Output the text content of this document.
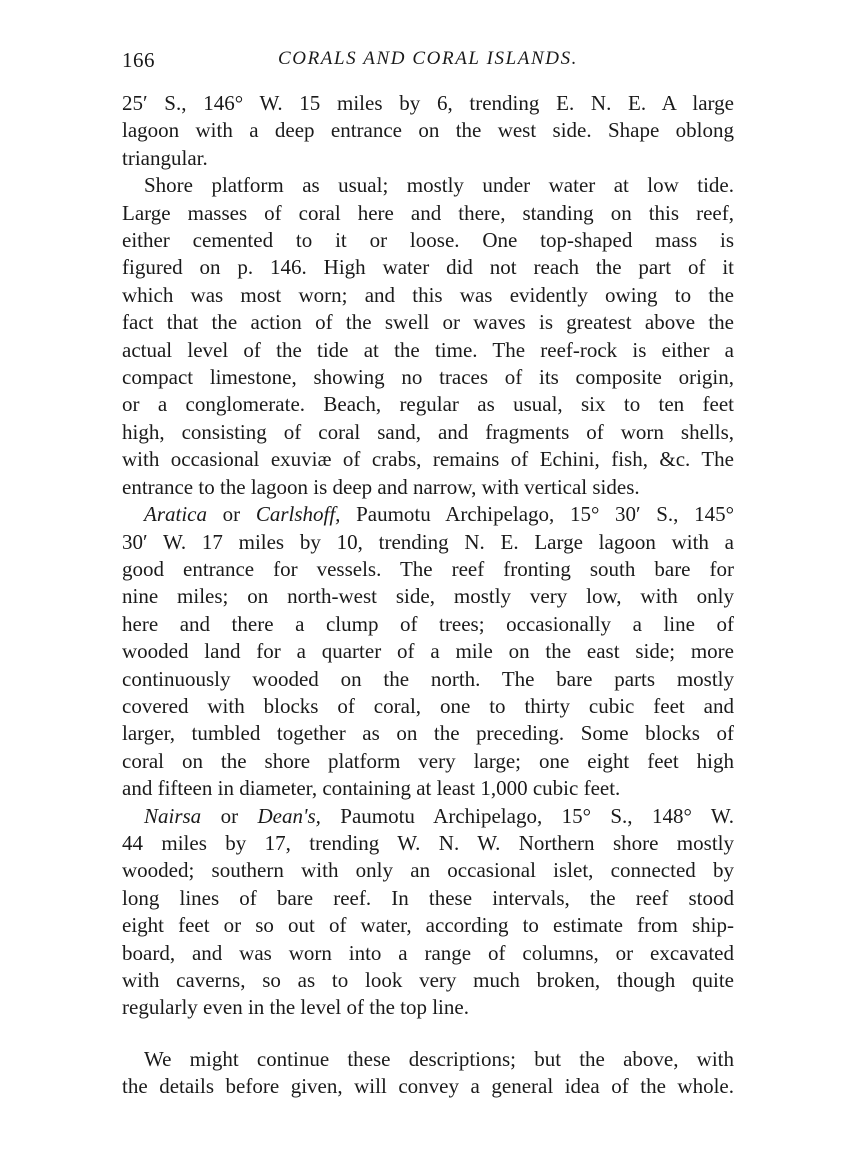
166	CORALS AND CORAL ISLANDS.

25′ S., 146° W. 15 miles by 6, trending E. N. E. A large
lagoon with a deep entrance on the west side. Shape oblong
triangular.

Shore platform as usual; mostly under water at low tide.
Large masses of coral here and there, standing on this reef,
either cemented to it or loose. One top-shaped mass is
figured on p. 146. High water did not reach the part of it
which was most worn; and this was evidently owing to the
fact that the action of the swell or waves is greatest above the
actual level of the tide at the time. The reef-rock is either a
compact limestone, showing no traces of its composite origin,
or a conglomerate. Beach, regular as usual, six to ten feet
high, consisting of coral sand, and fragments of worn shells,
with occasional exuviæ of crabs, remains of Echini, fish, &c. The
entrance to the lagoon is deep and narrow, with vertical sides.

Aratica or Carlshoff, Paumotu Archipelago, 15° 30′ S., 145°
30′ W. 17 miles by 10, trending N. E. Large lagoon with a
good entrance for vessels. The reef fronting south bare for
nine miles; on north-west side, mostly very low, with only
here and there a clump of trees; occasionally a line of
wooded land for a quarter of a mile on the east side; more
continuously wooded on the north. The bare parts mostly
covered with blocks of coral, one to thirty cubic feet and
larger, tumbled together as on the preceding. Some blocks of
coral on the shore platform very large; one eight feet high
and fifteen in diameter, containing at least 1,000 cubic feet.

Nairsa or Dean's, Paumotu Archipelago, 15° S., 148° W.
44 miles by 17, trending W. N. W. Northern shore mostly
wooded; southern with only an occasional islet, connected by
long lines of bare reef. In these intervals, the reef stood
eight feet or so out of water, according to estimate from ship-
board, and was worn into a range of columns, or excavated
with caverns, so as to look very much broken, though quite
regularly even in the level of the top line.

We might continue these descriptions; but the above, with
the details before given, will convey a general idea of the whole.
